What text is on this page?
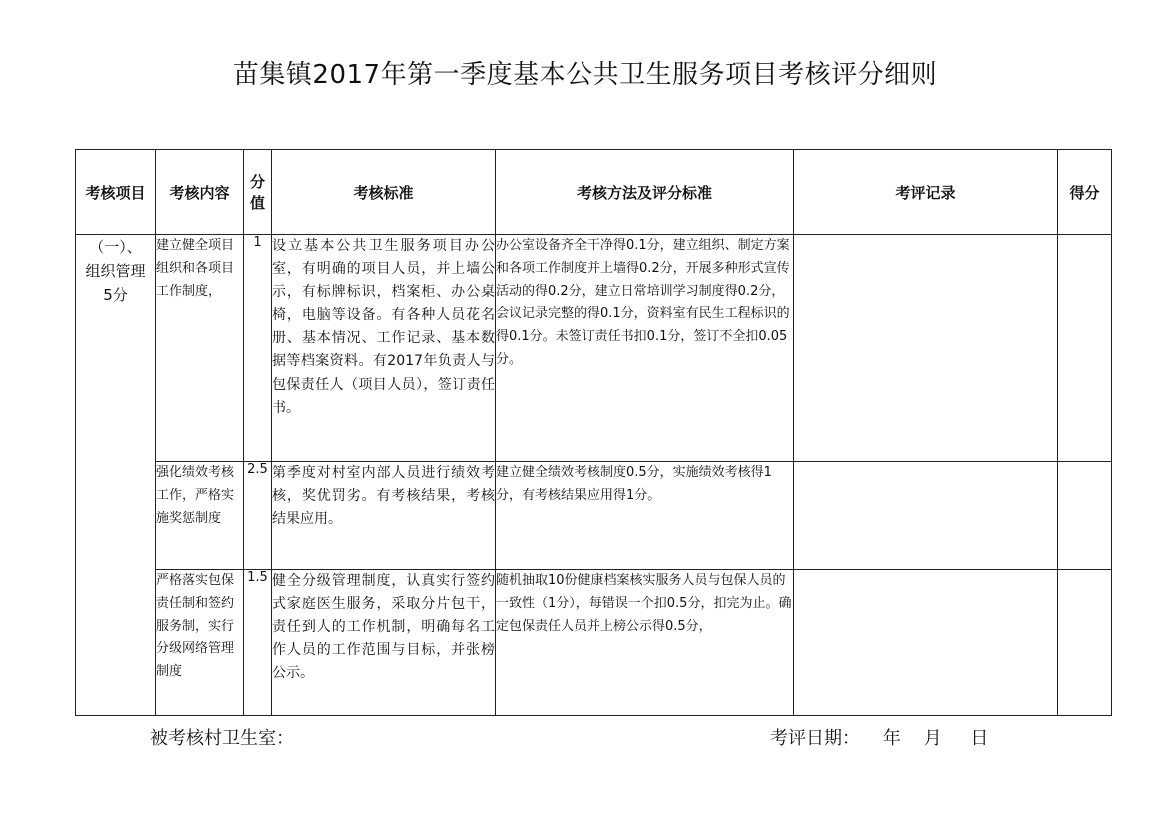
苗集镇2017年第一季度基本公共卫生服务项目考核评分细则
考核项目	考核内容	分值	考核标准	考核方法及评分标准	考评记录	得分

（一）、
组织管理
5分	建立健全项目组织和各项目工作制度，	1	设立基本公共卫生服务项目办公室，有明确的项目人员，并上墙公示，有标牌标识，档案柜、办公桌椅，电脑等设备。有各种人员花名册、基本情况、工作记录、基本数据等档案资料。有2017年负责人与包保责任人（项目人员），签订责任书。	办公室设备齐全干净得0.1分，建立组织、制定方案和各项工作制度并上墙得0.2分，开展多种形式宣传活动的得0.2分，建立日常培训学习制度得0.2分，会议记录完整的得0.1分，资料室有民生工程标识的得0.1分。未签订责任书扣0.1分，签订不全扣0.05分。		
	强化绩效考核工作，严格实施奖惩制度	2.5	第季度对村室内部人员进行绩效考核，奖优罚劣。有考核结果，考核结果应用。	建立健全绩效考核制度0.5分，实施绩效考核得1分，有考核结果应用得1分。		
	严格落实包保责任制和签约服务制，实行分级网络管理制度	1.5	健全分级管理制度，认真实行签约式家庭医生服务，采取分片包干，责任到人的工作机制，明确每名工作人员的工作范围与目标，并张榜公示。	随机抽取10份健康档案核实服务人员与包保人员的一致性（1分），每错误一个扣0.5分，扣完为止。确定包保责任人员并上榜公示得0.5分，		
被考核村卫生室：	考评日期：    年    月     日
